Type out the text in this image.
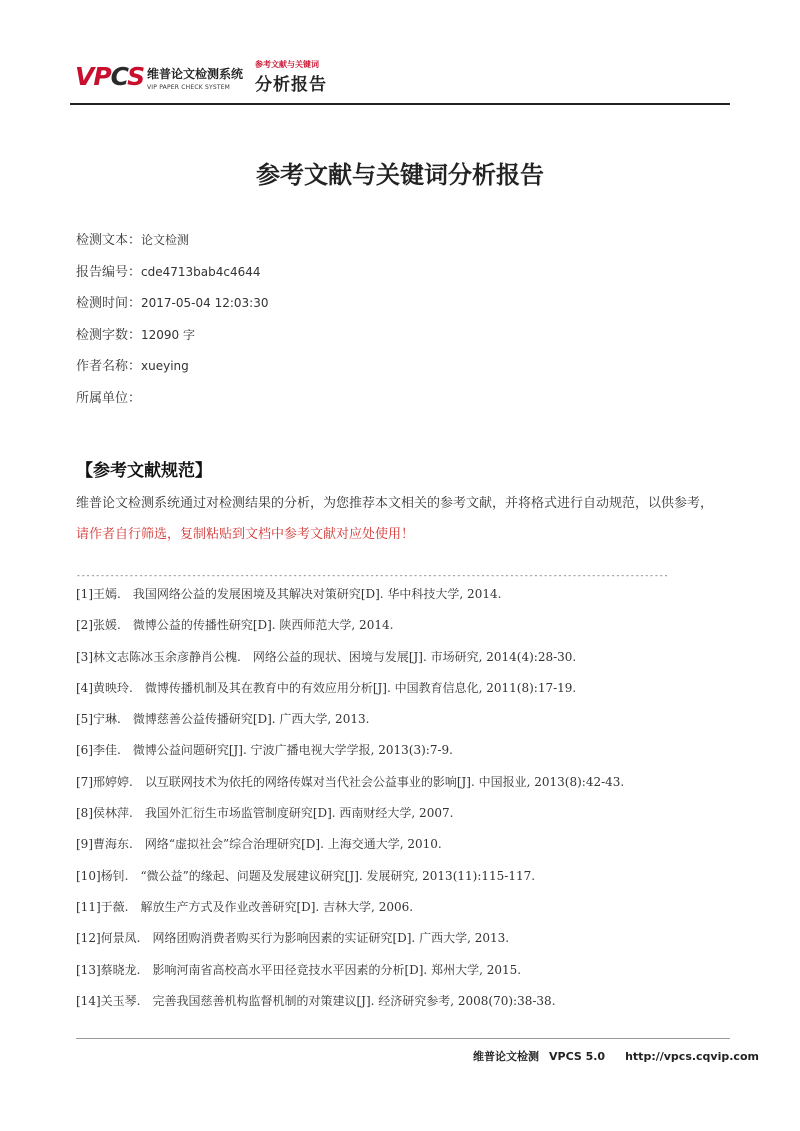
VPCS 维普论文检测系统
VIP PAPER CHECK SYSTEM
参考文献与关键词
分析报告
参考文献与关键词分析报告
检测文本：论文检测
报告编号：cde4713bab4c4644
检测时间：2017-05-04 12:03:30
检测字数：12090 字
作者名称：xueying
所属单位：
【参考文献规范】
维普论文检测系统通过对检测结果的分析，为您推荐本文相关的参考文献，并将格式进行自动规范，以供参考，请作者自行筛选，复制粘贴到文档中参考文献对应处使用！
---------------------------------------------------------------------------------------------------------------------------
[1]王嫣.　我国网络公益的发展困境及其解决对策研究[D]. 华中科技大学, 2014.
[2]张媛.　微博公益的传播性研究[D]. 陕西师范大学, 2014.
[3]林文志陈冰玉余彦静肖公槐.　网络公益的现状、困境与发展[J]. 市场研究, 2014(4):28-30.
[4]黄映玲.　微博传播机制及其在教育中的有效应用分析[J]. 中国教育信息化, 2011(8):17-19.
[5]宁琳.　微博慈善公益传播研究[D]. 广西大学, 2013.
[6]李佳.　微博公益问题研究[J]. 宁波广播电视大学学报, 2013(3):7-9.
[7]邢婷婷.　以互联网技术为依托的网络传媒对当代社会公益事业的影响[J]. 中国报业, 2013(8):42-43.
[8]侯林萍.　我国外汇衍生市场监管制度研究[D]. 西南财经大学, 2007.
[9]曹海东.　网络“虚拟社会”综合治理研究[D]. 上海交通大学, 2010.
[10]杨钊.　“微公益”的缘起、问题及发展建议研究[J]. 发展研究, 2013(11):115-117.
[11]于薇.　解放生产方式及作业改善研究[D]. 吉林大学, 2006.
[12]何景凤.　网络团购消费者购买行为影响因素的实证研究[D]. 广西大学, 2013.
[13]蔡晓龙.　影响河南省高校高水平田径竞技水平因素的分析[D]. 郑州大学, 2015.
[14]关玉琴.　完善我国慈善机构监督机制的对策建议[J]. 经济研究参考, 2008(70):38-38.
维普论文检测 VPCS 5.0 http://vpcs.cqvip.com
